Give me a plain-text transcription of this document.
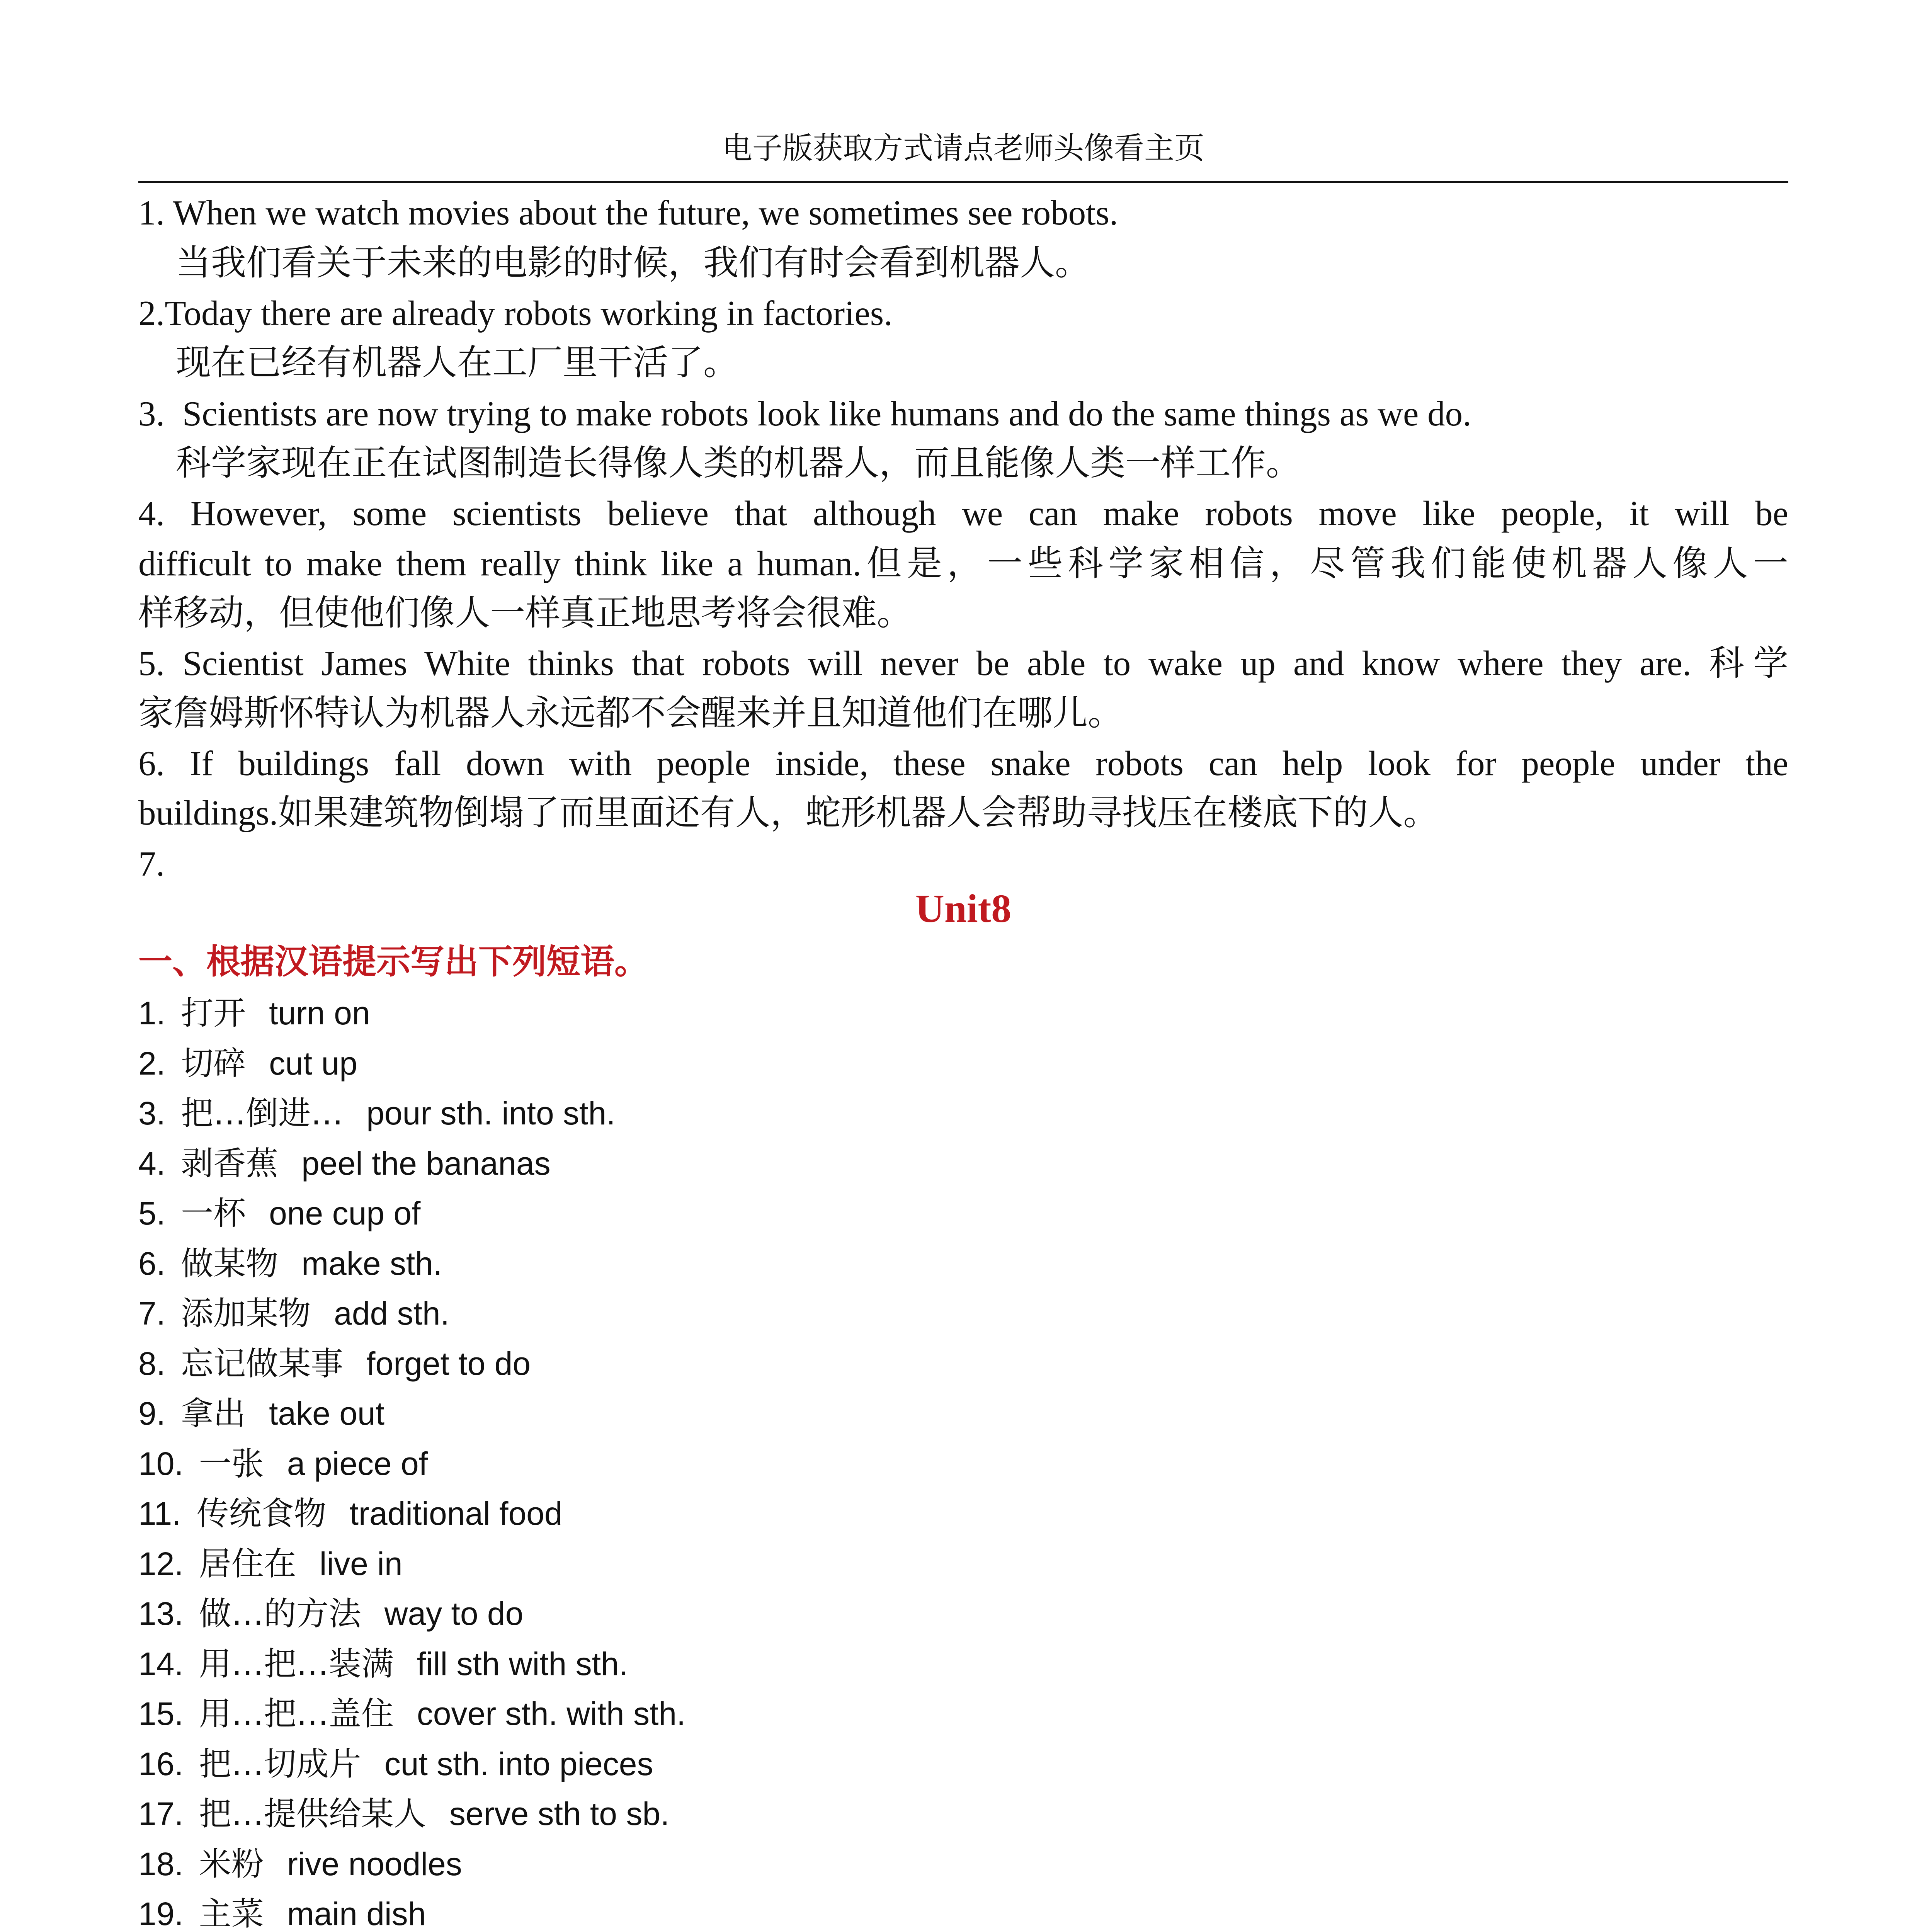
电子版获取方式请点老师头像看主页
1. When we watch movies about the future, we sometimes see robots.
当我们看关于未来的电影的时候，我们有时会看到机器人。
2.Today there are already robots working in factories.
现在已经有机器人在工厂里干活了。
3.  Scientists are now trying to make robots look like humans and do the same things as we do.
科学家现在正在试图制造长得像人类的机器人，而且能像人类一样工作。
4. However, some scientists believe that although we can make robots move like people, it will be
difficult to make them really think like a human.但是，一些科学家相信，尽管我们能使机器人像人一
样移动，但使他们像人一样真正地思考将会很难。
5. Scientist James White thinks that robots will never be able to wake up and know where they are. 科学
家詹姆斯怀特认为机器人永远都不会醒来并且知道他们在哪儿。
6. If buildings fall down with people inside, these snake robots can help look for people under the
buildings.如果建筑物倒塌了而里面还有人，蛇形机器人会帮助寻找压在楼底下的人。
7.
Unit8
一、根据汉语提示写出下列短语。
1. 打开 turn on
2. 切碎 cut up
3. 把…倒进… pour sth. into sth.
4. 剥香蕉 peel the bananas
5. 一杯 one cup of
6. 做某物 make sth.
7. 添加某物 add sth.
8. 忘记做某事 forget to do
9. 拿出 take out
10. 一张 a piece of
11. 传统食物 traditional food
12. 居住在 live in
13. 做…的方法 way to do
14. 用…把…装满 fill sth with sth.
15. 用…把…盖住 cover sth. with sth.
16. 把…切成片 cut sth. into pieces
17. 把…提供给某人 serve sth to sb.
18. 米粉 rive noodles
19. 主菜 main dish
